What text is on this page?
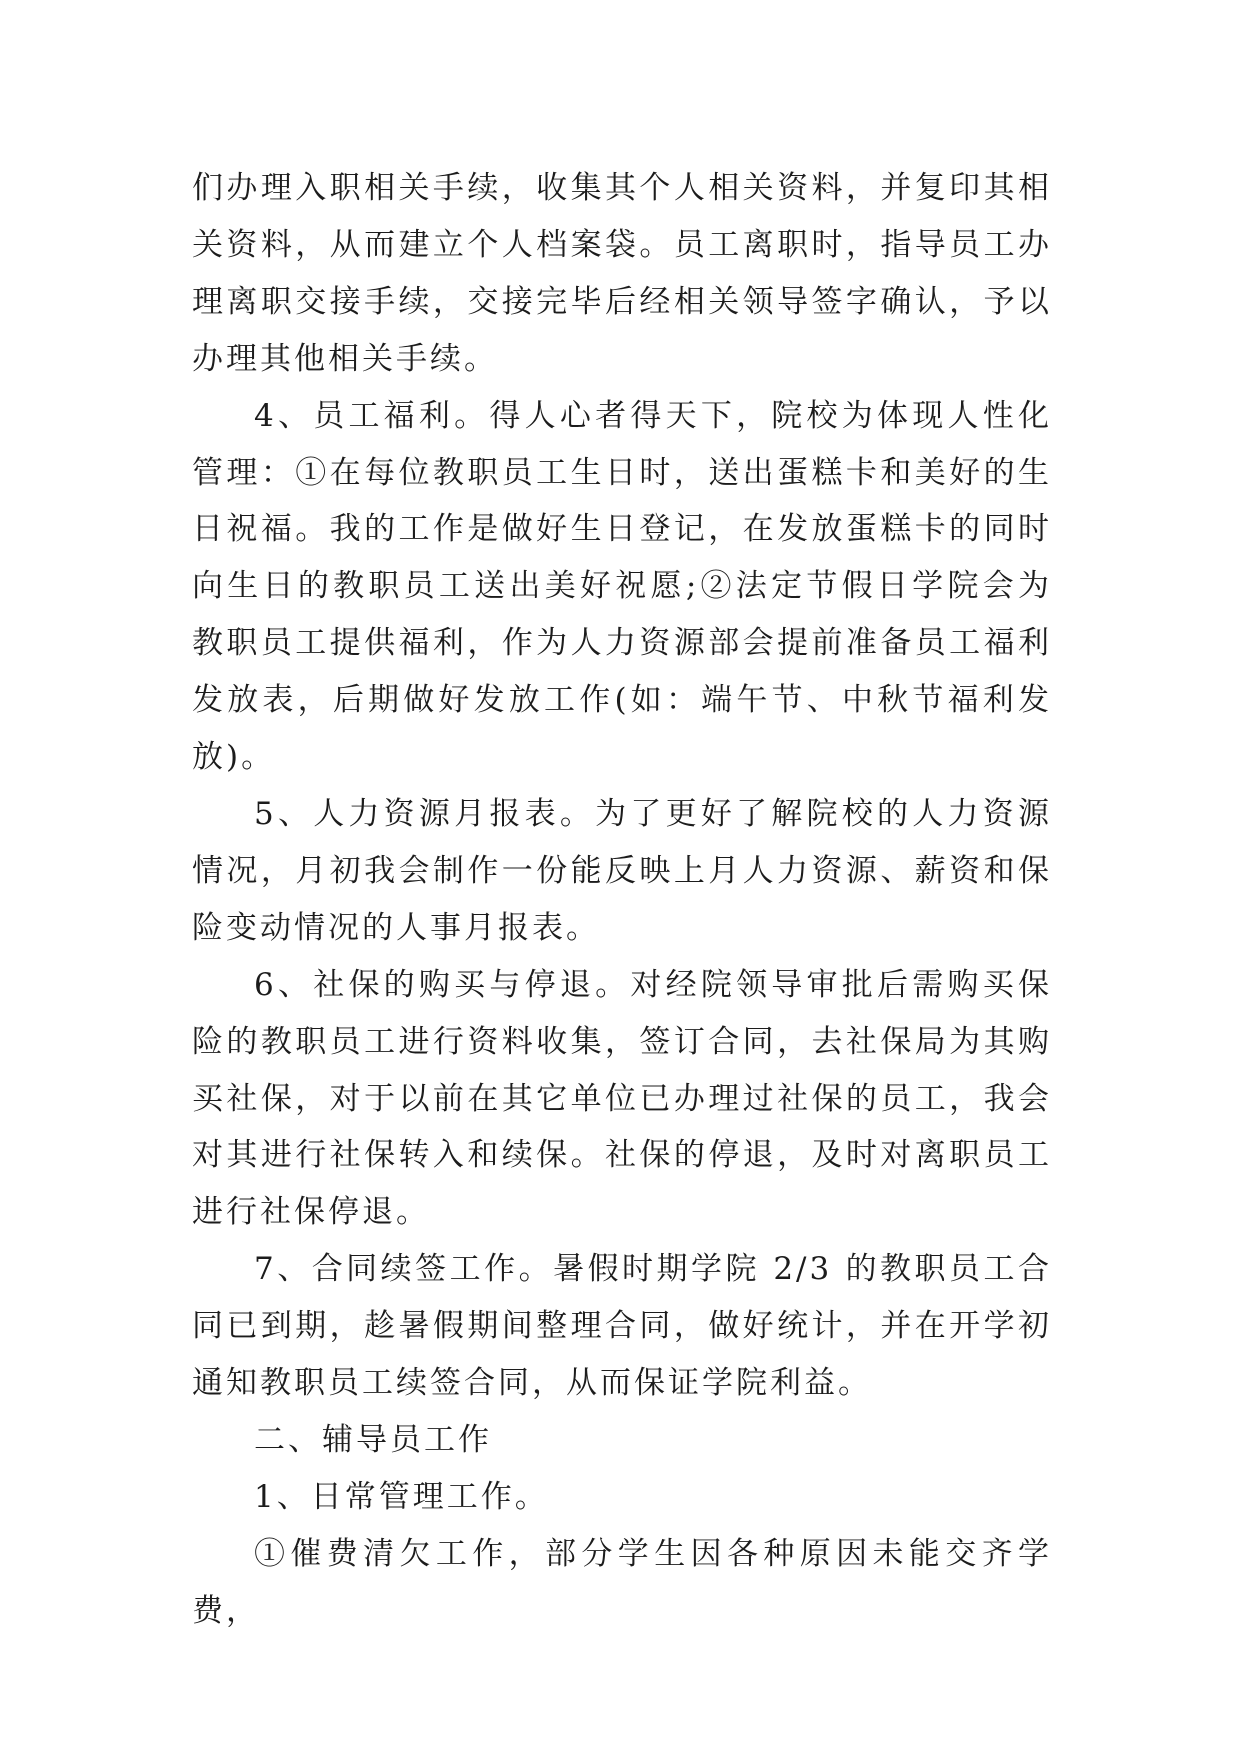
们办理入职相关手续，收集其个人相关资料，并复印其相关资料，从而建立个人档案袋。员工离职时，指导员工办理离职交接手续，交接完毕后经相关领导签字确认，予以办理其他相关手续。

4、员工福利。得人心者得天下，院校为体现人性化管理：①在每位教职员工生日时，送出蛋糕卡和美好的生日祝福。我的工作是做好生日登记，在发放蛋糕卡的同时向生日的教职员工送出美好祝愿;②法定节假日学院会为教职员工提供福利，作为人力资源部会提前准备员工福利发放表，后期做好发放工作(如：端午节、中秋节福利发放)。

5、人力资源月报表。为了更好了解院校的人力资源情况，月初我会制作一份能反映上月人力资源、薪资和保险变动情况的人事月报表。

6、社保的购买与停退。对经院领导审批后需购买保险的教职员工进行资料收集，签订合同，去社保局为其购买社保，对于以前在其它单位已办理过社保的员工，我会对其进行社保转入和续保。社保的停退，及时对离职员工进行社保停退。

7、合同续签工作。暑假时期学院 2/3 的教职员工合同已到期，趁暑假期间整理合同，做好统计，并在开学初通知教职员工续签合同，从而保证学院利益。

二、辅导员工作

1、日常管理工作。

①催费清欠工作，部分学生因各种原因未能交齐学费，
